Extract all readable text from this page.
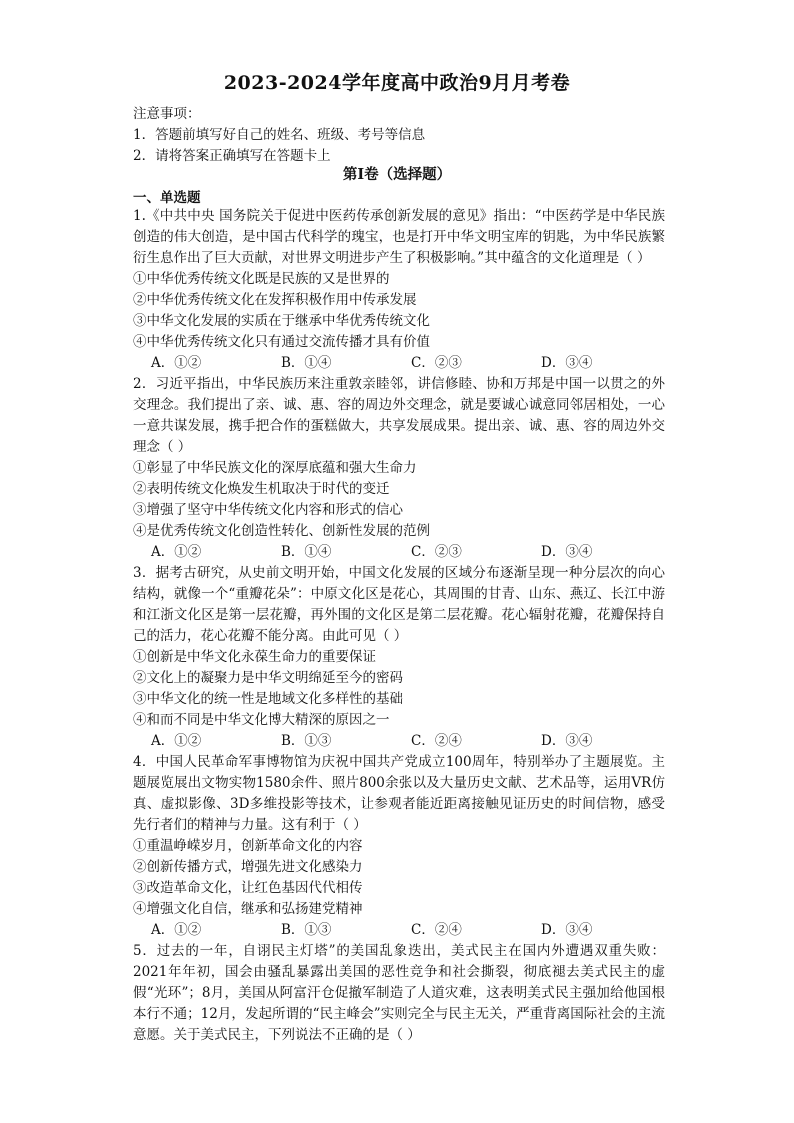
2023-2024学年度高中政治9月月考卷
注意事项：
1．答题前填写好自己的姓名、班级、考号等信息
2．请将答案正确填写在答题卡上
第I卷（选择题）
一、单选题
1.《中共中央 国务院关于促进中医药传承创新发展的意见》指出：“中医药学是中华民族创造的伟大创造，是中国古代科学的瑰宝，也是打开中华文明宝库的钥匙，为中华民族繁衍生息作出了巨大贡献，对世界文明进步产生了积极影响。”其中蕴含的文化道理是（ ）
①中华优秀传统文化既是民族的又是世界的
②中华优秀传统文化在发挥积极作用中传承发展
③中华文化发展的实质在于继承中华优秀传统文化
④中华优秀传统文化只有通过交流传播才具有价值
A．①②	B．①④	C．②③	D．③④
2．习近平指出，中华民族历来注重敦亲睦邻，讲信修睦、协和万邦是中国一以贯之的外交理念。我们提出了亲、诚、惠、容的周边外交理念，就是要诚心诚意同邻居相处，一心一意共谋发展，携手把合作的蛋糕做大，共享发展成果。提出亲、诚、惠、容的周边外交理念（ ）
①彰显了中华民族文化的深厚底蕴和强大生命力
②表明传统文化焕发生机取决于时代的变迁
③增强了坚守中华传统文化内容和形式的信心
④是优秀传统文化创造性转化、创新性发展的范例
A．①②	B．①④	C．②③	D．③④
3．据考古研究，从史前文明开始，中国文化发展的区域分布逐渐呈现一种分层次的向心结构，就像一个“重瓣花朵”：中原文化区是花心，其周围的甘青、山东、燕辽、长江中游和江浙文化区是第一层花瓣，再外围的文化区是第二层花瓣。花心辐射花瓣，花瓣保持自己的活力，花心花瓣不能分离。由此可见（ ）
①创新是中华文化永葆生命力的重要保证
②文化上的凝聚力是中华文明绵延至今的密码
③中华文化的统一性是地域文化多样性的基础
④和而不同是中华文化博大精深的原因之一
A．①②	B．①③	C．②④	D．③④
4．中国人民革命军事博物馆为庆祝中国共产党成立100周年，特别举办了主题展览。主题展览展出文物实物1580余件、照片800余张以及大量历史文献、艺术品等，运用VR仿真、虚拟影像、3D多维投影等技术，让参观者能近距离接触见证历史的时间信物，感受先行者们的精神与力量。这有利于（ ）
①重温峥嵘岁月，创新革命文化的内容
②创新传播方式，增强先进文化感染力
③改造革命文化，让红色基因代代相传
④增强文化自信，继承和弘扬建党精神
A．①②	B．①③	C．②④	D．③④
5．过去的一年，自诩民主灯塔”的美国乱象迭出，美式民主在国内外遭遇双重失败：2021年年初，国会由骚乱暴露出美国的恶性竞争和社会撕裂，彻底褪去美式民主的虚假“光环”；8月，美国从阿富汗仓促撤军制造了人道灾难，这表明美式民主强加给他国根本行不通；12月，发起所谓的“民主峰会”实则完全与民主无关，严重背离国际社会的主流意愿。关于美式民主，下列说法不正确的是（ ）
